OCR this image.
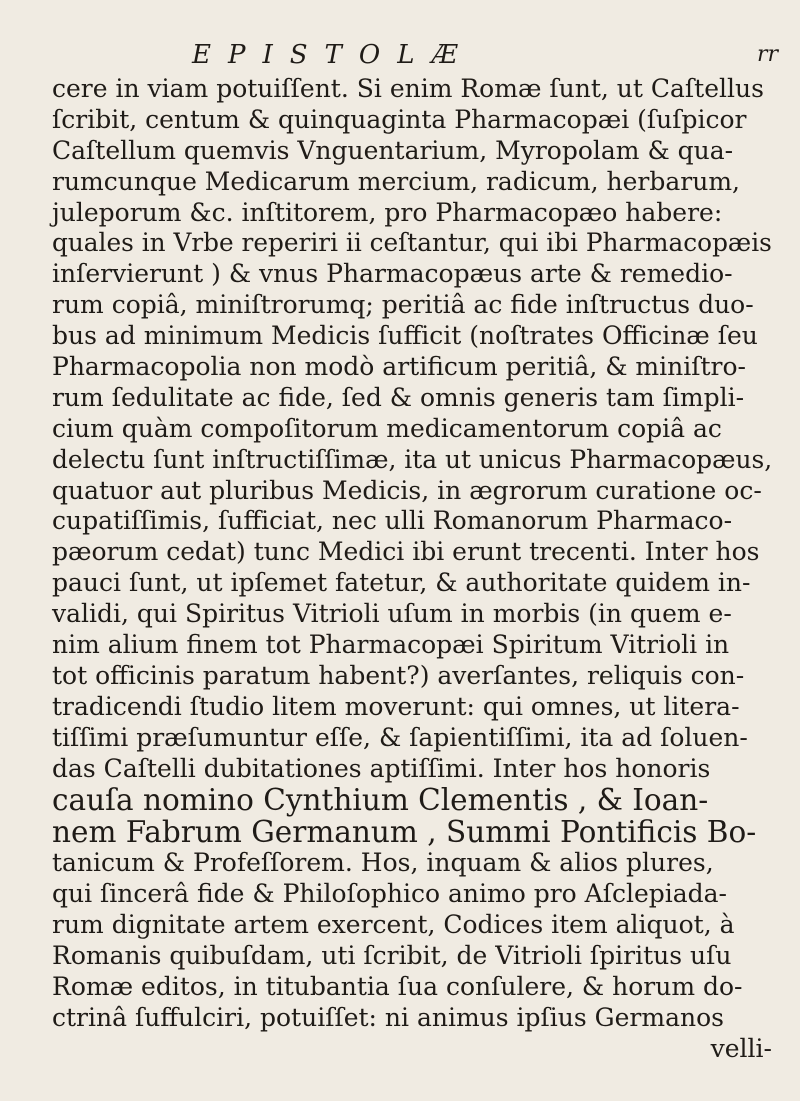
EPISTOLÆ	rr
cere in viam potuiſſent. Si enim Romæ ſunt, ut Caſtellus
ſcribit, centum & quinquaginta Pharmacopæi (ſuſpicor
Caſtellum quemvis Vnguentarium, Myropolam & qua-
rumcunque Medicarum mercium, radicum, herbarum,
juleporum &c. inſtitorem, pro Pharmacopæo habere:
quales in Vrbe reperiri ii ceſtantur, qui ibi Pharmacopæis
inſervierunt ) & vnus Pharmacopæus arte & remedio-
rum copiâ, miniſtrorumq; peritiâ ac fide inſtructus duo-
bus ad minimum Medicis ſufficit (noſtrates Officinæ ſeu
Pharmacopolia non modò artificum peritiâ, & miniſtro-
rum ſedulitate ac fide, ſed & omnis generis tam ſimpli-
cium quàm compoſitorum medicamentorum copiâ ac
delectu ſunt inſtructiſſimæ, ita ut unicus Pharmacopæus,
quatuor aut pluribus Medicis, in ægrorum curatione oc-
cupatiſſimis, ſufficiat, nec ulli Romanorum Pharmaco-
pæorum cedat) tunc Medici ibi erunt trecenti. Inter hos
pauci ſunt, ut ipſemet fatetur, & authoritate quidem in-
validi, qui Spiritus Vitrioli uſum in morbis (in quem e-
nim alium finem tot Pharmacopæi Spiritum Vitrioli in
tot officinis paratum habent?) averſantes, reliquis con-
tradicendi ſtudio litem moverunt: qui omnes, ut litera-
tiſſimi præſumuntur eſſe, & ſapientiſſimi, ita ad ſoluen-
das Caſtelli dubitationes aptiſſimi. Inter hos honoris
cauſa nomino Cynthium Clementis , & Ioan-
nem Fabrum Germanum , Summi Pontificis Bo-
tanicum & Profeſſorem. Hos, inquam & alios plures,
qui ſincerâ fide & Philoſophico animo pro Aſclepiada-
rum dignitate artem exercent, Codices item aliquot, à
Romanis quibuſdam, uti ſcribit, de Vitrioli ſpiritus uſu
Romæ editos, in titubantia ſua conſulere, & horum do-
ctrinâ ſuffulciri, potuiſſet: ni animus ipſius Germanos
velli-
